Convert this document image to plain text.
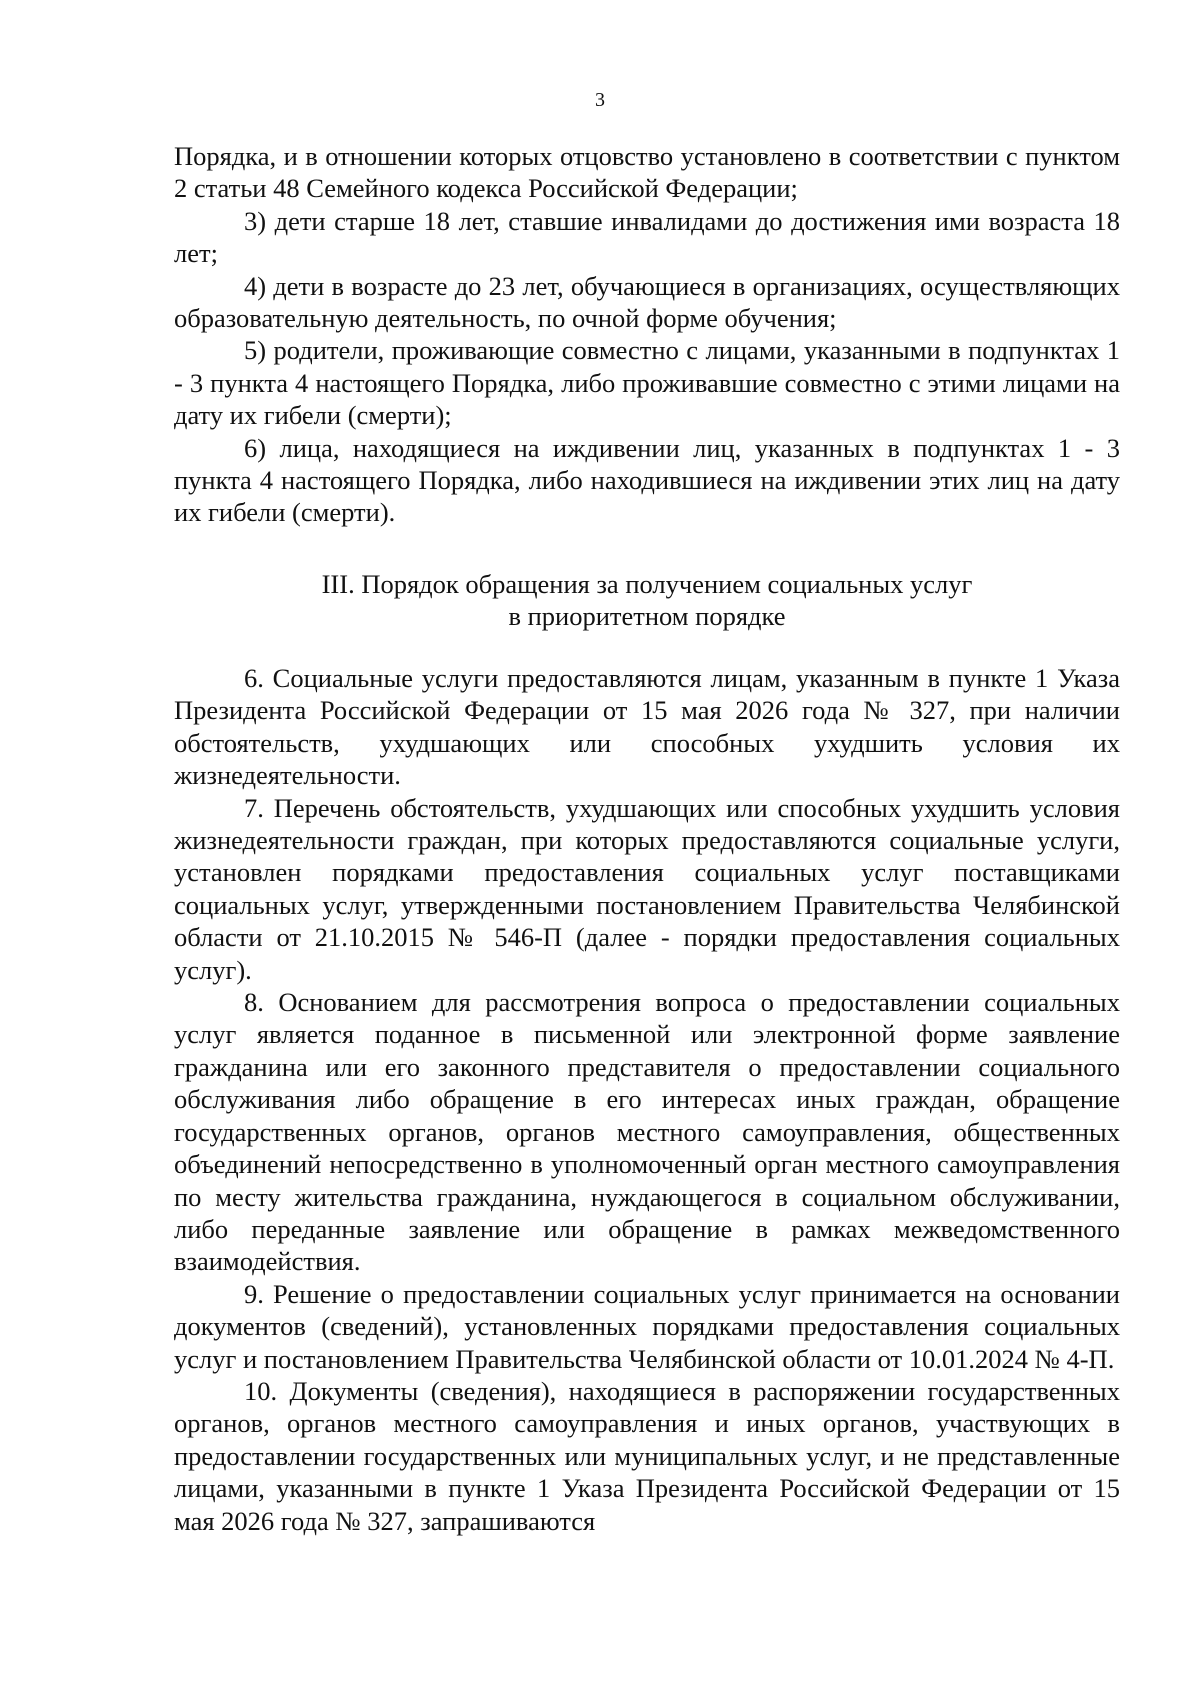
3

Порядка, и в отношении которых отцовство установлено в соответствии с пунктом 2 статьи 48 Семейного кодекса Российской Федерации;

3) дети старше 18 лет, ставшие инвалидами до достижения ими возраста 18 лет;

4) дети в возрасте до 23 лет, обучающиеся в организациях, осуществляющих образовательную деятельность, по очной форме обучения;

5) родители, проживающие совместно с лицами, указанными в подпунктах 1 - 3 пункта 4 настоящего Порядка, либо проживавшие совместно с этими лицами на дату их гибели (смерти);

6) лица, находящиеся на иждивении лиц, указанных в подпунктах 1 - 3 пункта 4 настоящего Порядка, либо находившиеся на иждивении этих лиц на дату их гибели (смерти).

III. Порядок обращения за получением социальных услуг
в приоритетном порядке

6. Социальные услуги предоставляются лицам, указанным в пункте 1 Указа Президента Российской Федерации от 15 мая 2026 года № 327, при наличии обстоятельств, ухудшающих или способных ухудшить условия их жизнедеятельности.

7. Перечень обстоятельств, ухудшающих или способных ухудшить условия жизнедеятельности граждан, при которых предоставляются социальные услуги, установлен порядками предоставления социальных услуг поставщиками социальных услуг, утвержденными постановлением Правительства Челябинской области от 21.10.2015 № 546-П (далее - порядки предоставления социальных услуг).

8. Основанием для рассмотрения вопроса о предоставлении социальных услуг является поданное в письменной или электронной форме заявление гражданина или его законного представителя о предоставлении социального обслуживания либо обращение в его интересах иных граждан, обращение государственных органов, органов местного самоуправления, общественных объединений непосредственно в уполномоченный орган местного самоуправления по месту жительства гражданина, нуждающегося в социальном обслуживании, либо переданные заявление или обращение в рамках межведомственного взаимодействия.

9. Решение о предоставлении социальных услуг принимается на основании документов (сведений), установленных порядками предоставления социальных услуг и постановлением Правительства Челябинской области от 10.01.2024 № 4-П.

10. Документы (сведения), находящиеся в распоряжении государственных органов, органов местного самоуправления и иных органов, участвующих в предоставлении государственных или муниципальных услуг, и не представленные лицами, указанными в пункте 1 Указа Президента Российской Федерации от 15 мая 2026 года № 327, запрашиваются
